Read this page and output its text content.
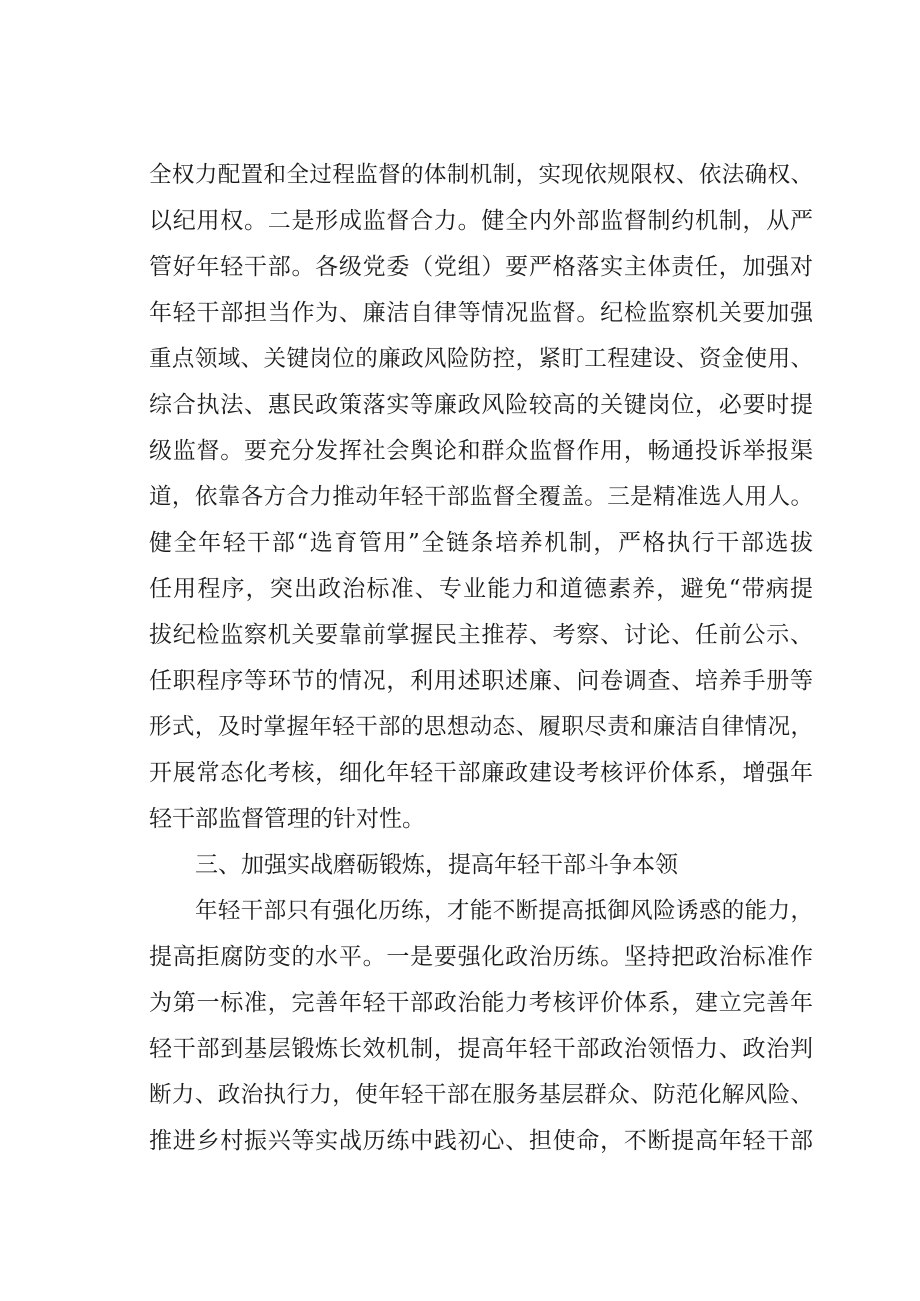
全权力配置和全过程监督的体制机制，实现依规限权、依法确权、
以纪用权。二是形成监督合力。健全内外部监督制约机制，从严
管好年轻干部。各级党委（党组）要严格落实主体责任，加强对
年轻干部担当作为、廉洁自律等情况监督。纪检监察机关要加强
重点领域、关键岗位的廉政风险防控，紧盯工程建设、资金使用、
综合执法、惠民政策落实等廉政风险较高的关键岗位，必要时提
级监督。要充分发挥社会舆论和群众监督作用，畅通投诉举报渠
道，依靠各方合力推动年轻干部监督全覆盖。三是精准选人用人。
健全年轻干部“选育管用”全链条培养机制，严格执行干部选拔
任用程序，突出政治标准、专业能力和道德素养，避免“带病提
拔纪检监察机关要靠前掌握民主推荐、考察、讨论、任前公示、
任职程序等环节的情况，利用述职述廉、问卷调查、培养手册等
形式，及时掌握年轻干部的思想动态、履职尽责和廉洁自律情况，
开展常态化考核，细化年轻干部廉政建设考核评价体系，增强年
轻干部监督管理的针对性。
三、加强实战磨砺锻炼，提高年轻干部斗争本领
年轻干部只有强化历练，才能不断提高抵御风险诱惑的能力，
提高拒腐防变的水平。一是要强化政治历练。坚持把政治标准作
为第一标准，完善年轻干部政治能力考核评价体系，建立完善年
轻干部到基层锻炼长效机制，提高年轻干部政治领悟力、政治判
断力、政治执行力，使年轻干部在服务基层群众、防范化解风险、
推进乡村振兴等实战历练中践初心、担使命，不断提高年轻干部
